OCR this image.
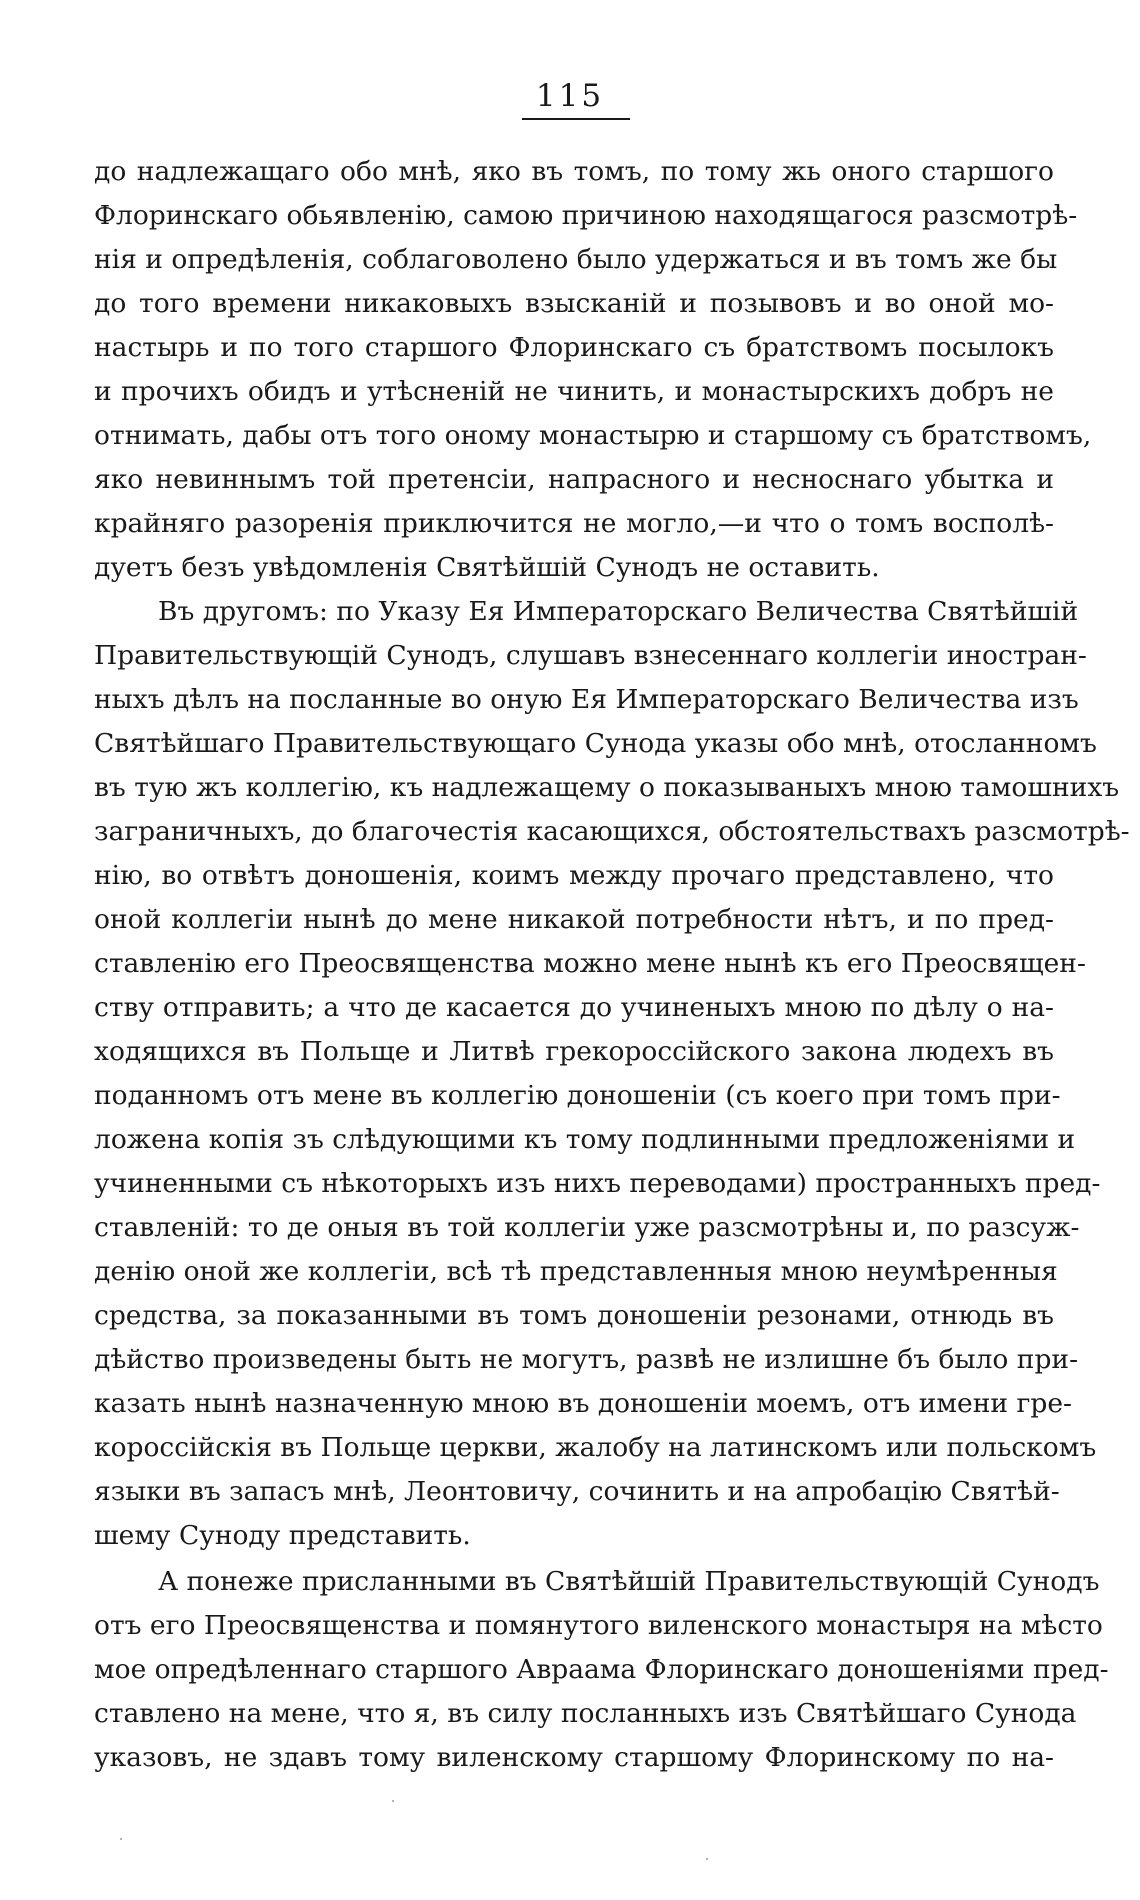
115
до надлежащаго обо мнѣ, яко въ томъ, по тому жь оного старшого
Флоринскаго обьявленію, самою причиною находящагося разсмотрѣ-
нія и опредѣленія, соблаговолено было удержаться и въ томъ же бы
до того времени никаковыхъ взысканій и позывовъ и во оной мо-
настырь и по того старшого Флоринскаго съ братствомъ посылокъ
и прочихъ обидъ и утѣсненій не чинить, и монастырскихъ добръ не
отнимать, дабы отъ того оному монастырю и старшому съ братствомъ,
яко невиннымъ той претенсіи, напрасного и несноснаго убытка и
крайняго разоренія приключится не могло,—и что о томъ восполѣ-
дуетъ безъ увѣдомленія Святѣйшій Сунодъ не оставить.
Въ другомъ: по Указу Ея Императорскаго Величества Святѣйшій
Правительствующій Сунодъ, слушавъ взнесеннаго коллегіи иностран-
ныхъ дѣлъ на посланные во оную Ея Императорскаго Величества изъ
Святѣйшаго Правительствующаго Сунода указы обо мнѣ, отосланномъ
въ тую жъ коллегію, къ надлежащему о показываныхъ мною тамошнихъ
заграничныхъ, до благочестія касающихся, обстоятельствахъ разсмотрѣ-
нію, во отвѣтъ доношенія, коимъ между прочаго представлено, что
оной коллегіи нынѣ до мене никакой потребности нѣтъ, и по пред-
ставленію его Преосвященства можно мене нынѣ къ его Преосвящен-
ству отправить; а что де касается до учиненыхъ мною по дѣлу о на-
ходящихся въ Польще и Литвѣ грекороссійского закона людехъ въ
поданномъ отъ мене въ коллегію доношеніи (съ коего при томъ при-
ложена копія зъ слѣдующими къ тому подлинными предложеніями и
учиненными съ нѣкоторыхъ изъ нихъ переводами) пространныхъ пред-
ставленій: то де оныя въ той коллегіи уже разсмотрѣны и, по разсуж-
денію оной же коллегіи, всѣ тѣ представленныя мною неумѣренныя
средства, за показанными въ томъ доношеніи резонами, отнюдь въ
дѣйство произведены быть не могутъ, развѣ не излишне бъ было при-
казать нынѣ назначенную мною въ доношеніи моемъ, отъ имени гре-
короссійскія въ Польще церкви, жалобу на латинскомъ или польскомъ
языки въ запасъ мнѣ, Леонтовичу, сочинить и на апробацію Святѣй-
шему Суноду представить.
А понеже присланными въ Святѣйшій Правительствующій Сунодъ
отъ его Преосвященства и помянутого виленского монастыря на мѣсто
мое опредѣленнаго старшого Авраама Флоринскаго доношеніями пред-
ставлено на мене, что я, въ силу посланныхъ изъ Святѣйшаго Сунода
указовъ, не здавъ тому виленскому старшому Флоринскому по на-
